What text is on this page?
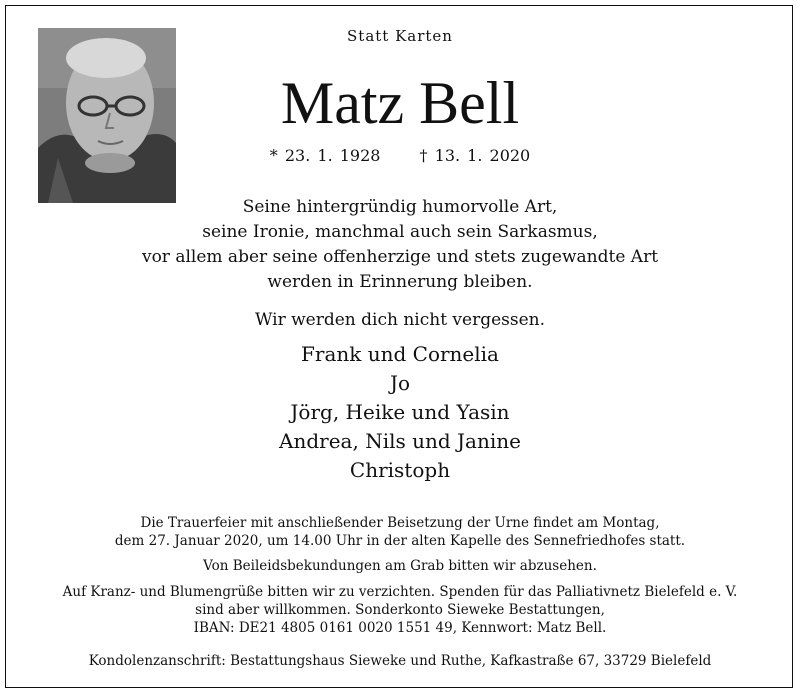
Statt Karten
Matz Bell
* 23. 1. 1928 † 13. 1. 2020
Seine hintergründig humorvolle Art,
seine Ironie, manchmal auch sein Sarkasmus,
vor allem aber seine offenherzige und stets zugewandte Art
werden in Erinnerung bleiben.
Wir werden dich nicht vergessen.
Frank und Cornelia
Jo
Jörg, Heike und Yasin
Andrea, Nils und Janine
Christoph
Die Trauerfeier mit anschließender Beisetzung der Urne findet am Montag,
dem 27. Januar 2020, um 14.00 Uhr in der alten Kapelle des Sennefriedhofes statt.
Von Beileidsbekundungen am Grab bitten wir abzusehen.
Auf Kranz- und Blumengrüße bitten wir zu verzichten. Spenden für das Palliativnetz Bielefeld e. V.
sind aber willkommen. Sonderkonto Sieweke Bestattungen,
IBAN: DE21 4805 0161 0020 1551 49, Kennwort: Matz Bell.
Kondolenzanschrift: Bestattungshaus Sieweke und Ruthe, Kafkastraße 67, 33729 Bielefeld
